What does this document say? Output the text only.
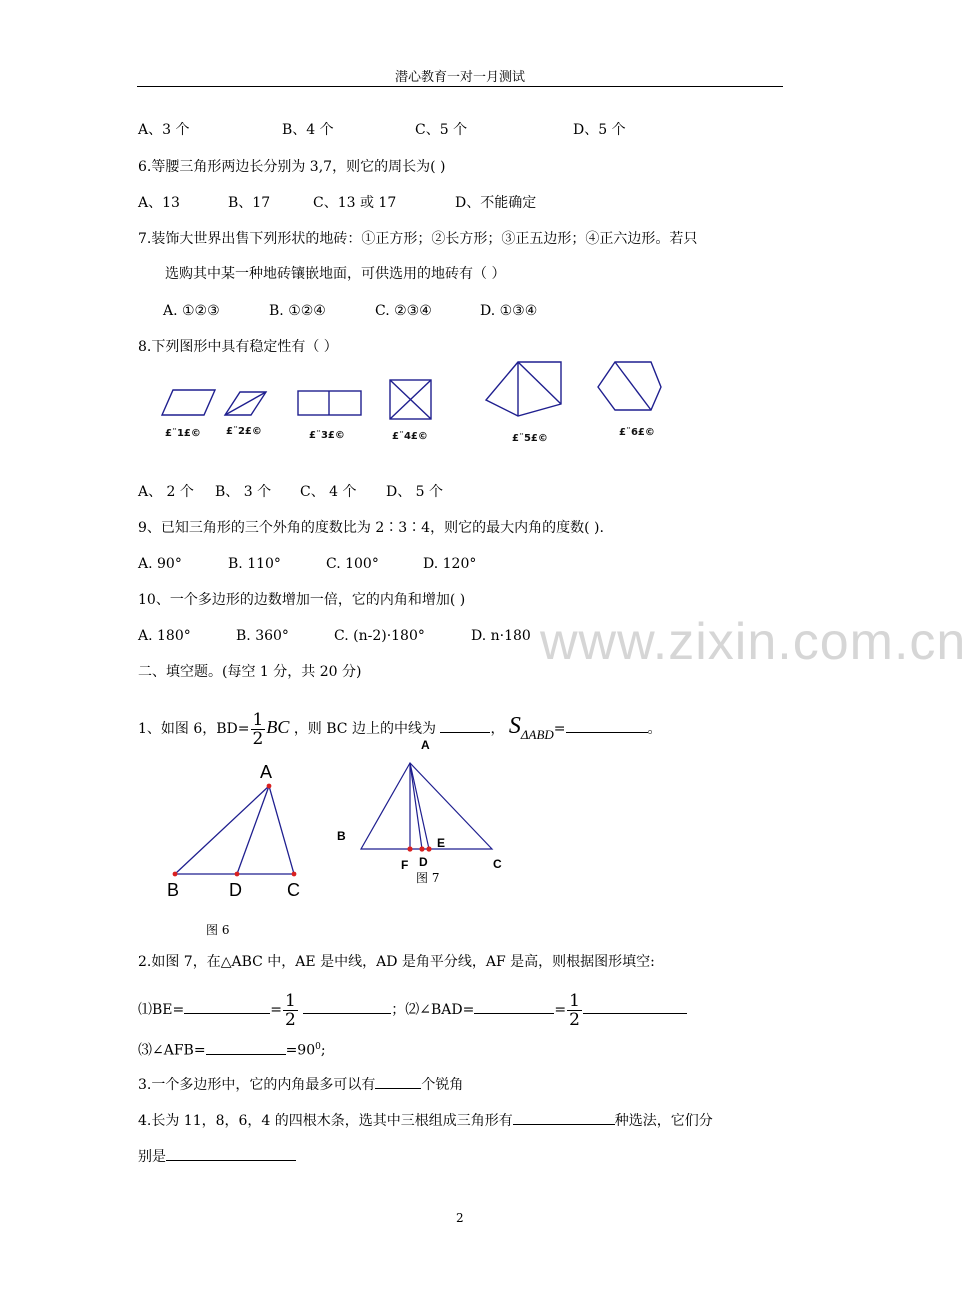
潜心教育一对一月测试
www.zixin.com.cn
A、3 个	B、4 个	C、5 个	D、5 个
6.等腰三角形两边长分别为 3,7，则它的周长为( )
A、13	B、17	C、13 或 17	D、不能确定
7.装饰大世界出售下列形状的地砖：①正方形；②长方形；③正五边形；④正六边形。若只
选购其中某一种地砖镶嵌地面，可供选用的地砖有（ ）
A. ①②③	B. ①②④	C. ②③④	D. ①③④
8.下列图形中具有稳定性有（ ）
£¨1£©	£¨2£©	£¨3£©	£¨4£©	£¨5£©
£¨6£©
A、 2 个 B、 3 个 C、 4 个 D、 5 个
9、已知三角形的三个外角的度数比为 2∶3∶4，则它的最大内角的度数( ).
A. 90°	B. 110°	C. 100°	D. 120°
10、一个多边形的边数增加一倍，它的内角和增加( )
A. 180°	B. 360°	C. (n-2)·180°	D. n·180
二、填空题。(每空 1 分，共 20 分)
1、如图 6，$BD= \frac{1}{2}$ BC ，则 BC 边上的中线为	， SΔABD=	。
A
B	D	C
图 6
A
B
C
F D
E
图 7
2.如图 7，在△ABC 中，AE 是中线，AD 是角平分线，AF 是高，则根据图形填空:
⑴BE=	= $\frac{1}{2}$	；⑵∠BAD=	= $\frac{1}{2}$
⑶∠AFB=	$=90^0$;
3.一个多边形中，它的内角最多可以有	个锐角
4.长为 11，8，6，4 的四根木条，选其中三根组成三角形有	种选法，它们分
别是
2
